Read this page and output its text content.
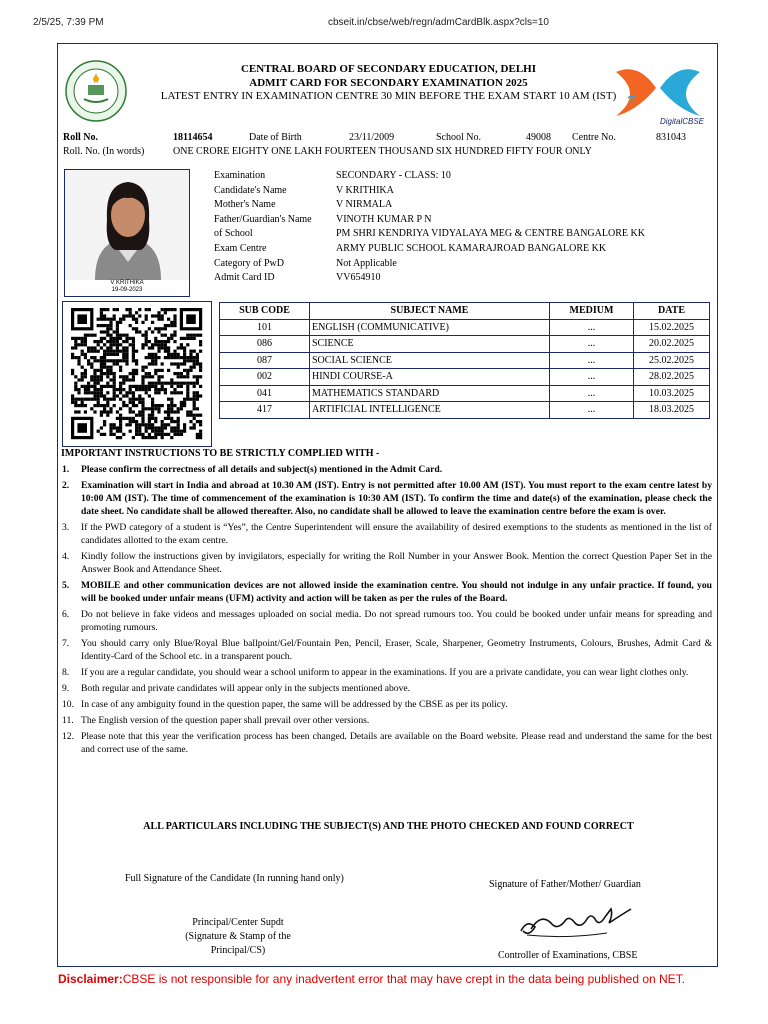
2/5/25, 7:39 PM	cbseit.in/cbse/web/regn/admCardBlk.aspx?cls=10
CENTRAL BOARD OF SECONDARY EDUCATION, DELHI
ADMIT CARD FOR SECONDARY EXAMINATION 2025
LATEST ENTRY IN EXAMINATION CENTRE 30 MIN BEFORE THE EXAM START 10 AM (IST)
DigitalCBSE
Roll No.	18114654	Date of Birth	23/11/2009	School No.	49008 Centre No.	831043
Roll. No. (In words)	ONE CRORE EIGHTY ONE LAKH FOURTEEN THOUSAND SIX HUNDRED FIFTY FOUR ONLY
V KRITHIKA
19-09-2023
Examination	SECONDARY - CLASS: 10
Candidate's Name	V KRITHIKA
Mother's Name	V NIRMALA
Father/Guardian's Name VINOTH KUMAR P N
of School	PM SHRI KENDRIYA VIDYALAYA MEG & CENTRE BANGALORE KK
Exam Centre	ARMY PUBLIC SCHOOL KAMARAJROAD BANGALORE KK
Category of PwD	Not Applicable
Admit Card ID	VV654910
SUB CODE	SUBJECT NAME	MEDIUM	DATE
101	ENGLISH (COMMUNICATIVE)	...	15.02.2025
086	SCIENCE	...	20.02.2025
087	SOCIAL SCIENCE	...	25.02.2025
002	HINDI COURSE-A	...	28.02.2025
041	MATHEMATICS STANDARD	...	10.03.2025
417	ARTIFICIAL INTELLIGENCE	...	18.03.2025
IMPORTANT INSTRUCTIONS TO BE STRICTLY COMPLIED WITH -
1. Please confirm the correctness of all details and subject(s) mentioned in the Admit Card.
2. Examination will start in India and abroad at 10.30 AM (IST). Entry is not permitted after 10.00 AM (IST). You must report to the exam centre latest by 10:00 AM (IST). The time of commencement of the examination is 10:30 AM (IST). To confirm the time and date(s) of the examination, please check the date sheet. No candidate shall be allowed thereafter. Also, no candidate shall be allowed to leave the examination centre before the exam is over.
3. If the PWD category of a student is “Yes”, the Centre Superintendent will ensure the availability of desired exemptions to the students as mentioned in the list of candidates allotted to the exam centre.
4. Kindly follow the instructions given by invigilators, especially for writing the Roll Number in your Answer Book. Mention the correct Question Paper Set in the Answer Book and Attendance Sheet.
5. MOBILE and other communication devices are not allowed inside the examination centre. You should not indulge in any unfair practice. If found, you will be booked under unfair means (UFM) activity and action will be taken as per the rules of the Board.
6. Do not believe in fake videos and messages uploaded on social media. Do not spread rumours too. You could be booked under unfair means for spreading and promoting rumours.
7. You should carry only Blue/Royal Blue ballpoint/Gel/Fountain Pen, Pencil, Eraser, Scale, Sharpener, Geometry Instruments, Colours, Brushes, Admit Card & Identity-Card of the School etc. in a transparent pouch.
8. If you are a regular candidate, you should wear a school uniform to appear in the examinations. If you are a private candidate, you can wear light clothes only.
9. Both regular and private candidates will appear only in the subjects mentioned above.
10. In case of any ambiguity found in the question paper, the same will be addressed by the CBSE as per its policy.
11. The English version of the question paper shall prevail over other versions.
12. Please note that this year the verification process has been changed. Details are available on the Board website. Please read and understand the same for the best and correct use of the same.
ALL PARTICULARS INCLUDING THE SUBJECT(S) AND THE PHOTO CHECKED AND FOUND CORRECT
Full Signature of the Candidate (In running hand only)
Signature of Father/Mother/ Guardian
Principal/Center Supdt
(Signature & Stamp of the Principal/CS)	Controller of Examinations, CBSE
Disclaimer:CBSE is not responsible for any inadvertent error that may have crept in the data being published on NET.
